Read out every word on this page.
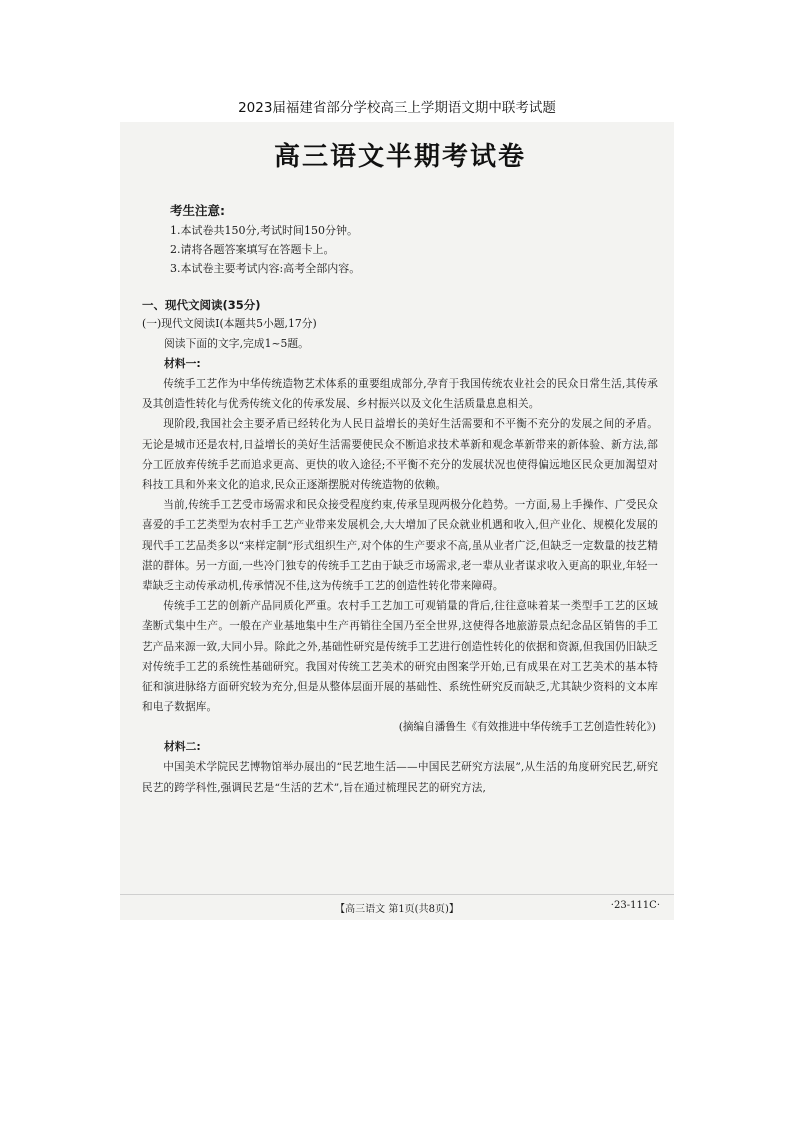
2023届福建省部分学校高三上学期语文期中联考试题
高三语文半期考试卷
考生注意:
1.本试卷共150分,考试时间150分钟。
2.请将各题答案填写在答题卡上。
3.本试卷主要考试内容:高考全部内容。
一、现代文阅读(35分)
(一)现代文阅读Ⅰ(本题共5小题,17分)
阅读下面的文字,完成1~5题。
材料一:

传统手工艺作为中华传统造物艺术体系的重要组成部分,孕育于我国传统农业社会的民众日常生活,其传承及其创造性转化与优秀传统文化的传承发展、乡村振兴以及文化生活质量息息相关。

现阶段,我国社会主要矛盾已经转化为人民日益增长的美好生活需要和不平衡不充分的发展之间的矛盾。无论是城市还是农村,日益增长的美好生活需要使民众不断追求技术革新和观念革新带来的新体验、新方法,部分工匠放弃传统手艺而追求更高、更快的收入途径;不平衡不充分的发展状况也使得偏远地区民众更加渴望对科技工具和外来文化的追求,民众正逐渐摆脱对传统造物的依赖。

当前,传统手工艺受市场需求和民众接受程度约束,传承呈现两极分化趋势。一方面,易上手操作、广受民众喜爱的手工艺类型为农村手工艺产业带来发展机会,大大增加了民众就业机遇和收入,但产业化、规模化发展的现代手工艺品类多以“来样定制”形式组织生产,对个体的生产要求不高,虽从业者广泛,但缺乏一定数量的技艺精湛的群体。另一方面,一些冷门独专的传统手工艺由于缺乏市场需求,老一辈从业者谋求收入更高的职业,年轻一辈缺乏主动传承动机,传承情况不佳,这为传统手工艺的创造性转化带来障碍。

传统手工艺的创新产品同质化严重。农村手工艺加工可观销量的背后,往往意味着某一类型手工艺的区域垄断式集中生产。一般在产业基地集中生产再销往全国乃至全世界,这使得各地旅游景点纪念品区销售的手工艺产品来源一致,大同小异。除此之外,基础性研究是传统手工艺进行创造性转化的依据和资源,但我国仍旧缺乏对传统手工艺的系统性基础研究。我国对传统工艺美术的研究由图案学开始,已有成果在对工艺美术的基本特征和演进脉络方面研究较为充分,但是从整体层面开展的基础性、系统性研究反而缺乏,尤其缺少资料的文本库和电子数据库。

(摘编自潘鲁生《有效推进中华传统手工艺创造性转化》)
材料二:

中国美术学院民艺博物馆举办展出的“民艺地生活——中国民艺研究方法展”,从生活的角度研究民艺,研究民艺的跨学科性,强调民艺是“生活的艺术”,旨在通过梳理民艺的研究方法,

【高三语文 第1页(共8页)】	·23-111C·
